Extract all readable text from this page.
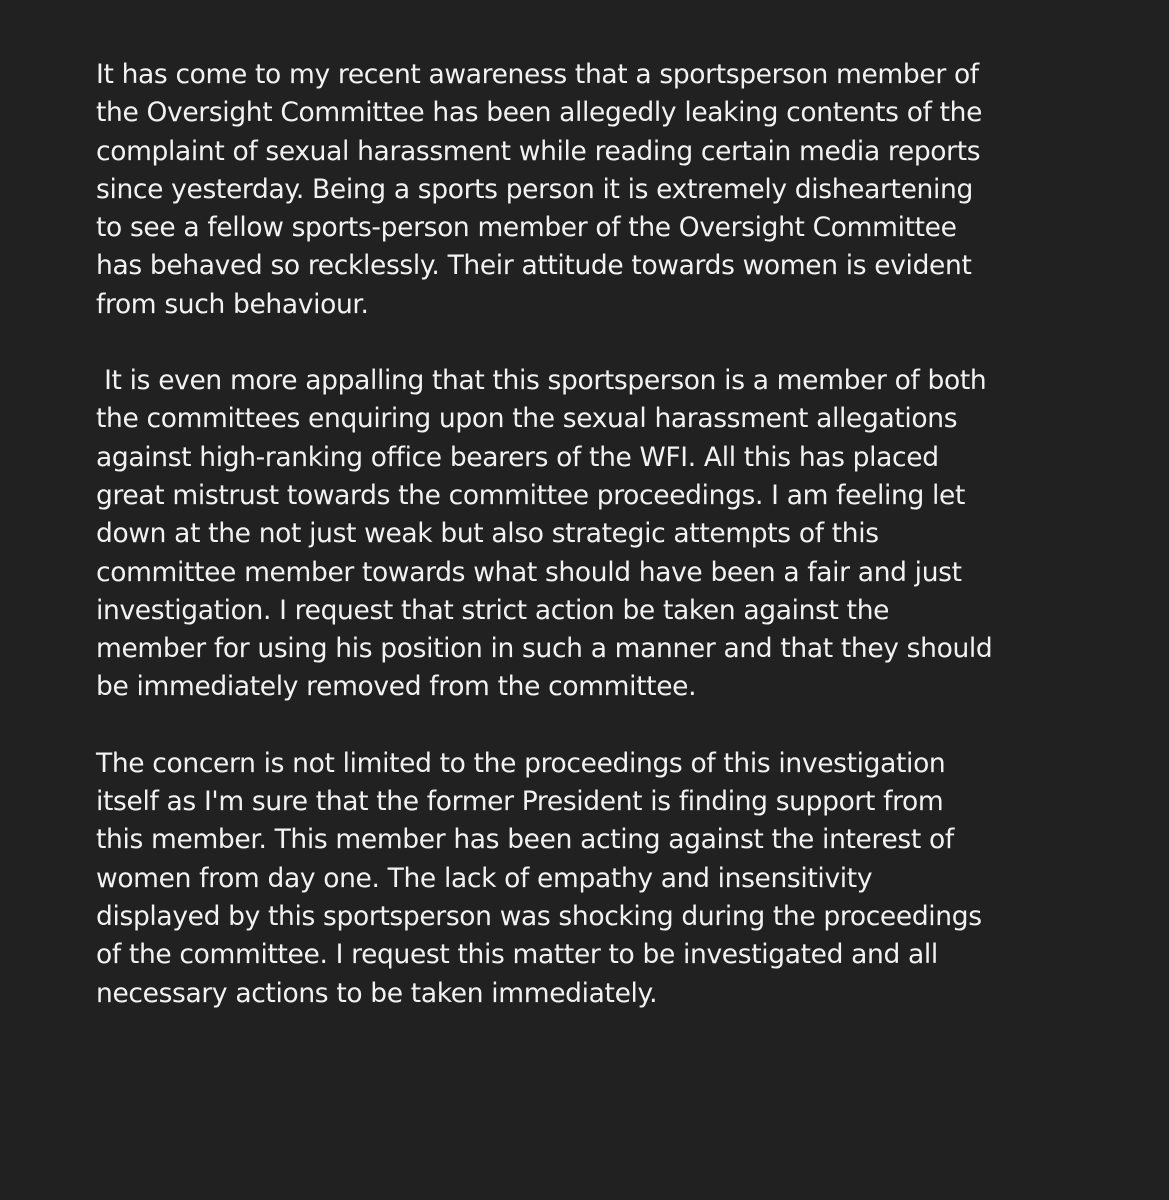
It has come to my recent awareness that a sportsperson member of
the Oversight Committee has been allegedly leaking contents of the
complaint of sexual harassment while reading certain media reports
since yesterday. Being a sports person it is extremely disheartening
to see a fellow sports-person member of the Oversight Committee
has behaved so recklessly. Their attitude towards women is evident
from such behaviour.

It is even more appalling that this sportsperson is a member of both
the committees enquiring upon the sexual harassment allegations
against high-ranking office bearers of the WFI. All this has placed
great mistrust towards the committee proceedings. I am feeling let
down at the not just weak but also strategic attempts of this
committee member towards what should have been a fair and just
investigation. I request that strict action be taken against the
member for using his position in such a manner and that they should
be immediately removed from the committee.

The concern is not limited to the proceedings of this investigation
itself as I'm sure that the former President is finding support from
this member. This member has been acting against the interest of
women from day one. The lack of empathy and insensitivity
displayed by this sportsperson was shocking during the proceedings
of the committee. I request this matter to be investigated and all
necessary actions to be taken immediately.
